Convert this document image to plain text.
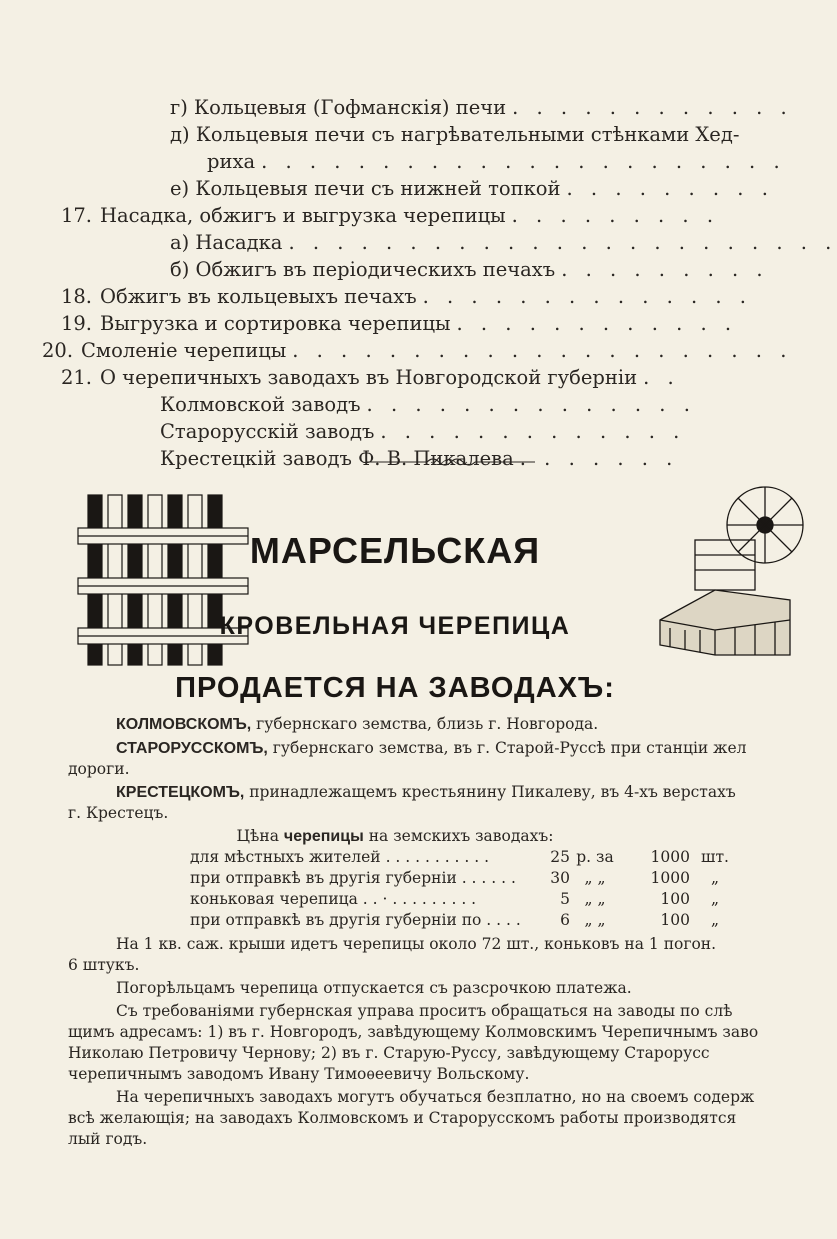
г) Кольцевыя (Гофманскія) печи . . . . . . . . . . . .
д) Кольцевыя печи съ нагрѣвательными стѣнками Хед-
риха . . . . . . . . . . . . . . . . . . . . . .
е) Кольцевыя печи съ нижней топкой . . . . . . . . .
17. Насадка, обжигъ и выгрузка черепицы . . . . . . . . .
а) Насадка . . . . . . . . . . . . . . . . . . . . . . .
б) Обжигъ въ періодическихъ печахъ . . . . . . . . .
18. Обжигъ въ кольцевыхъ печахъ . . . . . . . . . . . . . .
19. Выгрузка и сортировка черепицы . . . . . . . . . . . .
20. Смоленіе черепицы . . . . . . . . . . . . . . . . . . . . .
21. О черепичныхъ заводахъ въ Новгородской губерніи . .
Колмовской заводъ . . . . . . . . . . . . . .
Старорусскій заводъ . . . . . . . . . . . . .
Крестецкій заводъ Ф. В. Пикалева . . . . . . .
МАРСЕЛЬСКАЯ
КРОВЕЛЬНАЯ ЧЕРЕПИЦА
ПРОДАЕТСЯ НА ЗАВОДАХЪ:
КОЛМОВСКОМЪ, губернскаго земства, близь г. Новгорода.
СТАРОРУССКОМЪ, губернскаго земства, въ г. Старой-Руссѣ при станціи жел
дороги.
КРЕСТЕЦКОМЪ, принадлежащемъ крестьянину Пикалеву, въ 4-хъ верстахъ
г. Крестецъ.
Цѣна черепицы на земскихъ заводахъ:
для мѣстныхъ жителей . . . . . . . . . . .	25 р. за	1000 шт.
при отправкѣ въ другія губерніи . . . . . .	30 „ „	1000	„
коньковая черепица . . · . . . . . . . . .	5 „ „	100	„
при отправкѣ въ другія губерніи по . . . .	6 „ „	100	„
На 1 кв. саж. крыши идетъ черепицы около 72 шт., коньковъ на 1 погон.
6 штукъ.
Погорѣльцамъ черепица отпускается съ разсрочкою платежа.
Съ требованіями губернская управа проситъ обращаться на заводы по слѣ
щимъ адресамъ: 1) въ г. Новгородъ, завѣдующему Колмовскимъ Черепичнымъ заво
Николаю Петровичу Чернову; 2) въ г. Старую-Руссу, завѣдующему Старорусс
черепичнымъ заводомъ Ивану Тимоѳеевичу Вольскому.
На черепичныхъ заводахъ могутъ обучаться безплатно, но на своемъ содерж
всѣ желающія; на заводахъ Колмовскомъ и Старорусскомъ работы производятся
лый годъ.
